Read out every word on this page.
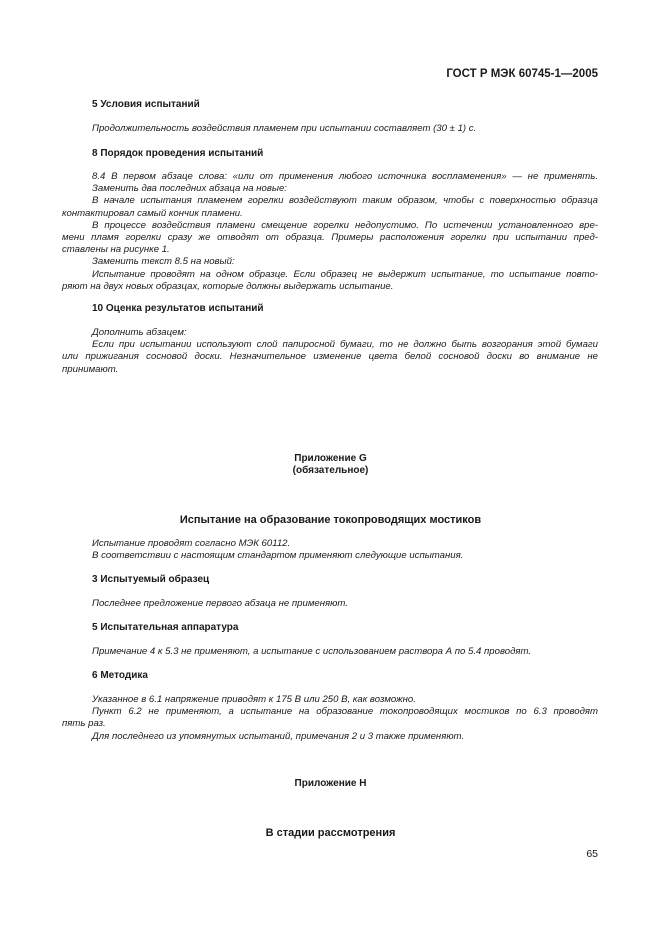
ГОСТ Р МЭК 60745-1—2005
5 Условия испытаний
Продолжительность воздействия пламенем при испытании составляет (30 ± 1) с.
8 Порядок проведения испытаний
8.4 В первом абзаце слова: «или от применения любого источника воспламенения» — не применять.
Заменить два последних абзаца на новые:
В начале испытания пламенем горелки воздействуют таким образом, чтобы с поверхностью образца
контактировал самый кончик пламени.
В процессе воздействия пламени смещение горелки недопустимо. По истечении установленного вре-
мени пламя горелки сразу же отводят от образца. Примеры расположения горелки при испытании пред-
ставлены на рисунке 1.
Заменить текст 8.5 на новый:
Испытание проводят на одном образце. Если образец не выдержит испытание, то испытание повто-
ряют на двух новых образцах, которые должны выдержать испытание.
10 Оценка результатов испытаний
Дополнить абзацем:
Если при испытании используют слой папиросной бумаги, то не должно быть возгорания этой бумаги
или прижигания сосновой доски. Незначительное изменение цвета белой сосновой доски во внимание не
принимают.
Приложение G
(обязательное)
Испытание на образование токопроводящих мостиков
Испытание проводят согласно МЭК 60112.
В соответствии с настоящим стандартом применяют следующие испытания.
3 Испытуемый образец
Последнее предложение первого абзаца не применяют.
5 Испытательная аппаратура
Примечание 4 к 5.3 не применяют, а испытание с использованием раствора А по 5.4 проводят.
6 Методика
Указанное в 6.1 напряжение приводят к 175 В или 250 В, как возможно.
Пункт 6.2 не применяют, а испытание на образование токопроводящих мостиков по 6.3 проводят
пять раз.
Для последнего из упомянутых испытаний, примечания 2 и 3 также применяют.
Приложение H
В стадии рассмотрения
65
